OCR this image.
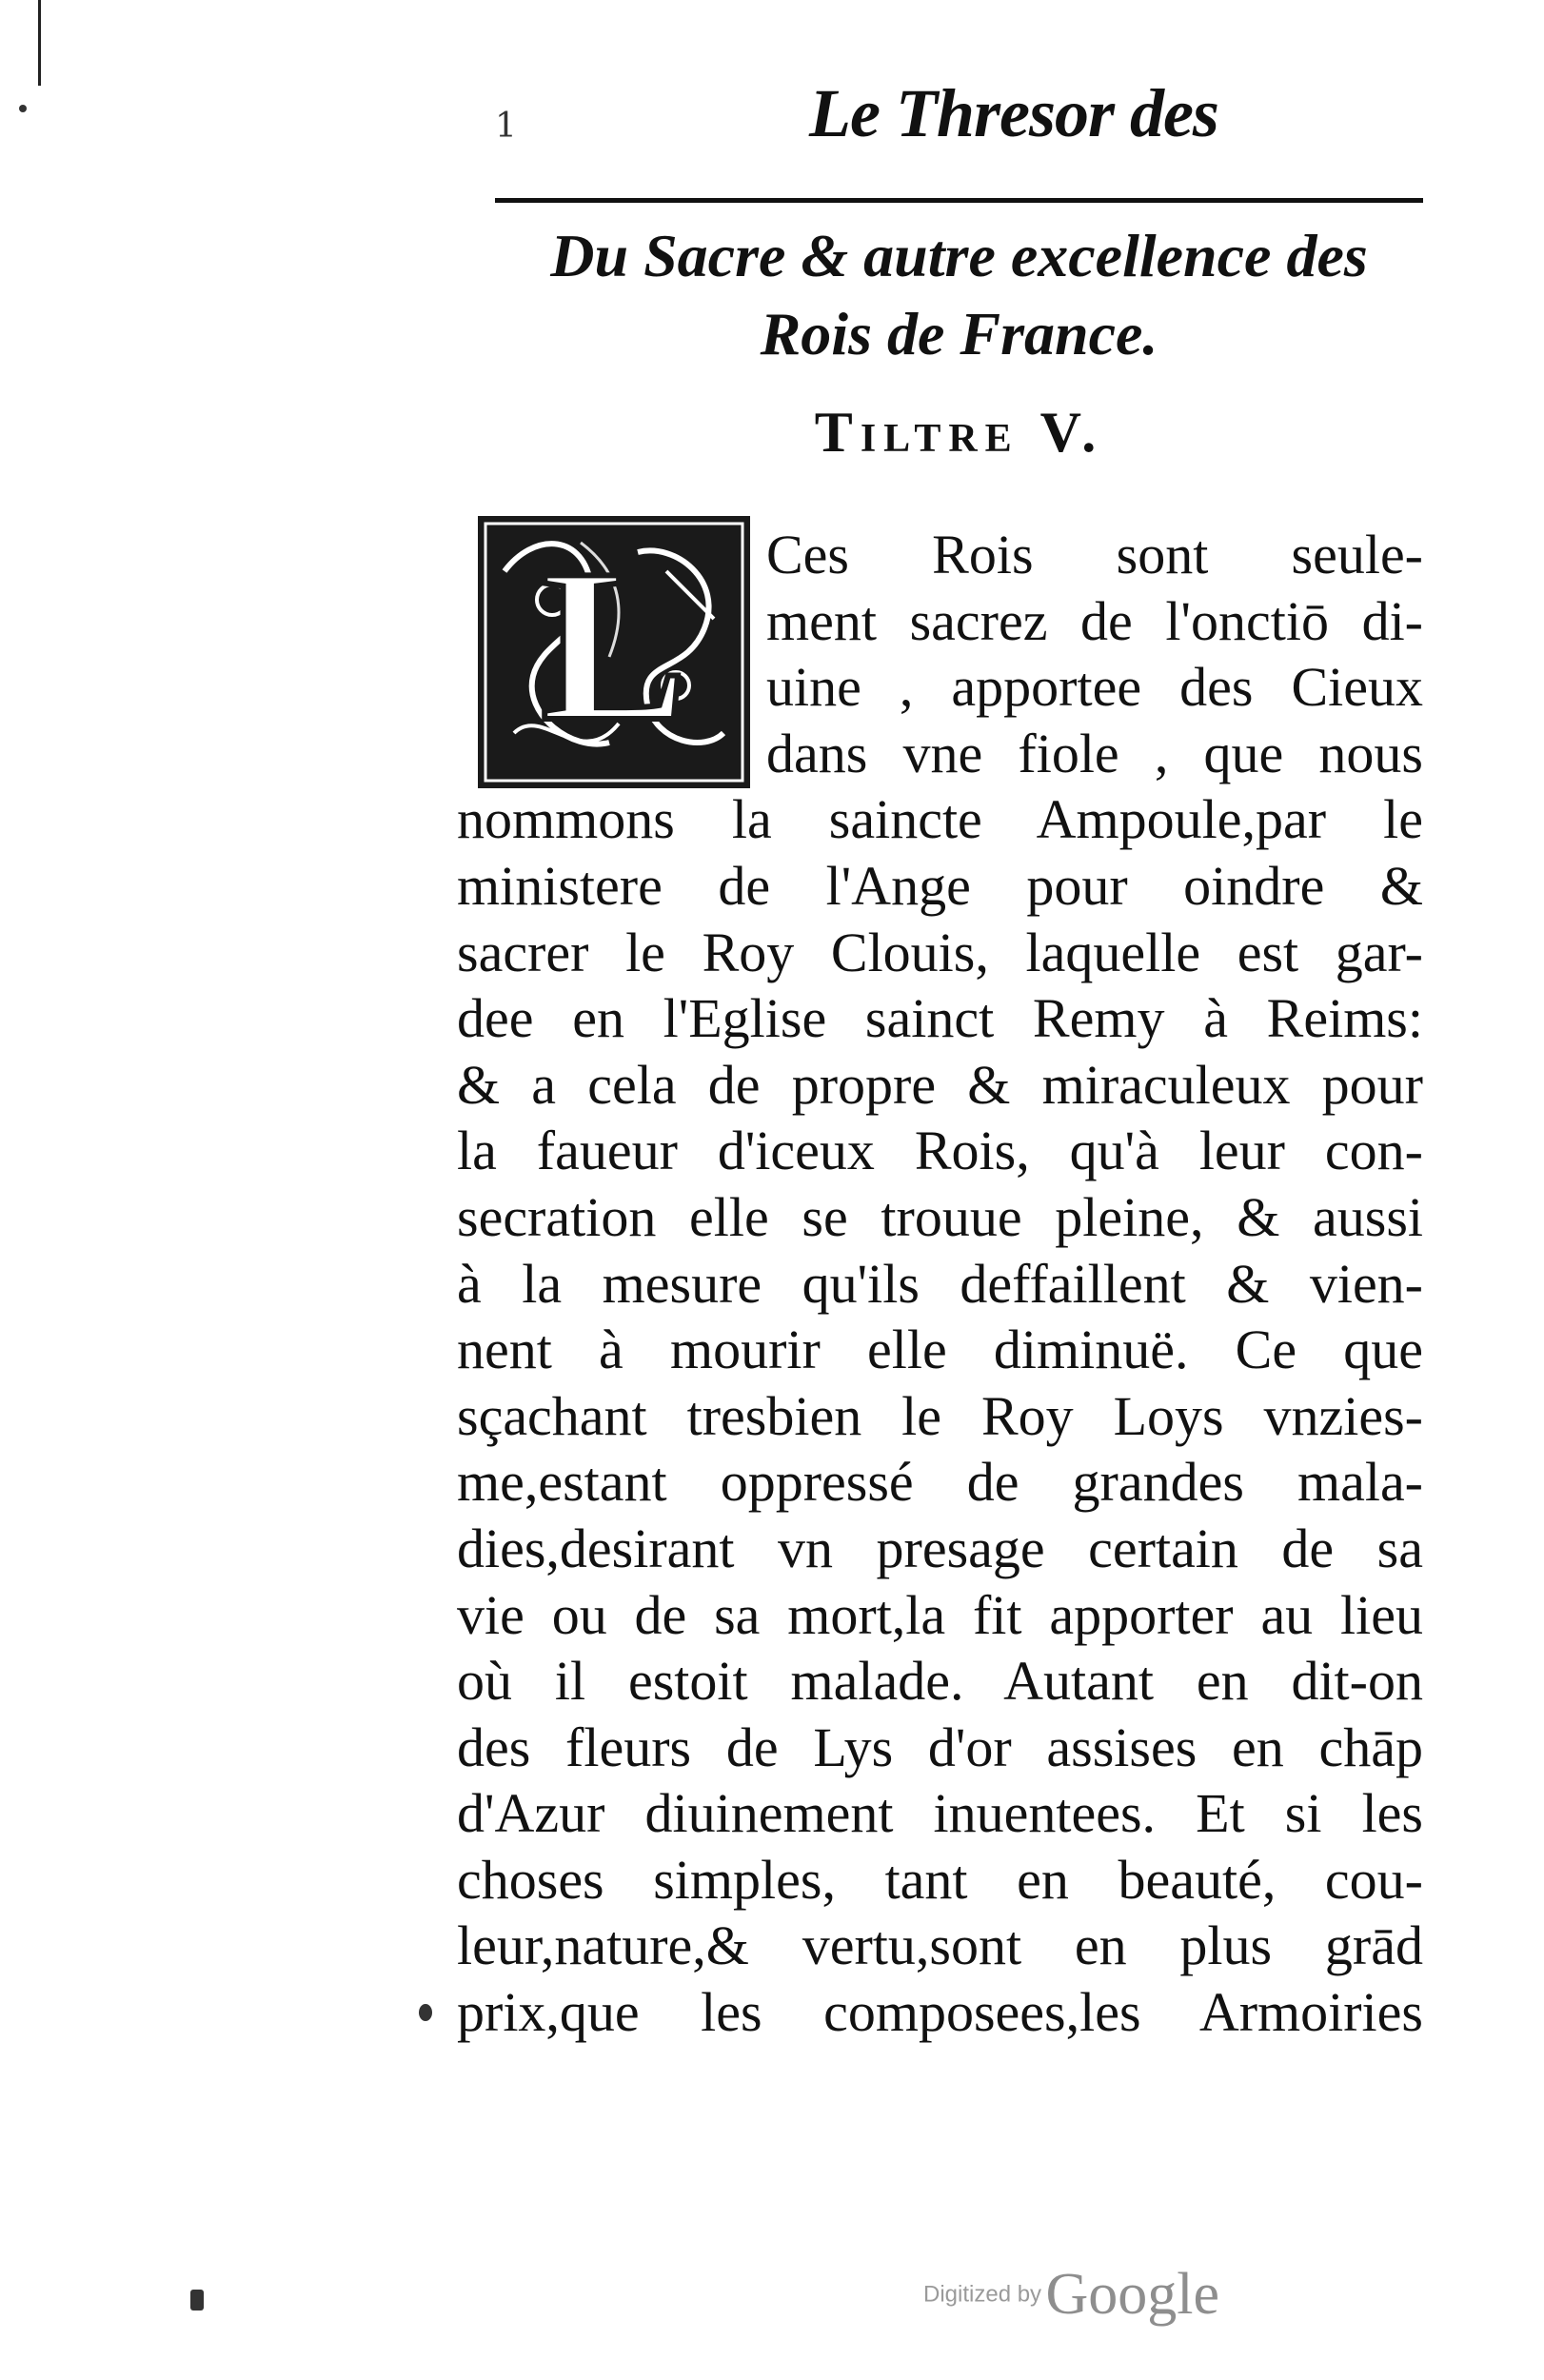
1	Le Thresor des
Du Sacre & autre excellence des
Rois de France.
Tiltre V.
L Ces Rois sont seule-
ment sacrez de l'onctiō di-
uine , apportee des Cieux
dans vne fiole , que nous
nommons la saincte Ampoule,par le
ministere de l'Ange pour oindre &
sacrer le Roy Clouis, laquelle est gar-
dee en l'Eglise sainct Remy à Reims:
& a cela de propre & miraculeux pour
la faueur d'iceux Rois, qu'à leur con-
secration elle se trouue pleine, & aussi
à la mesure qu'ils deffaillent & vien-
nent à mourir elle diminuë. Ce que
sçachant tresbien le Roy Loys vnzies-
me,estant oppressé de grandes mala-
dies,desirant vn presage certain de sa
vie ou de sa mort,la fit apporter au lieu
où il estoit malade. Autant en dit-on
des fleurs de Lys d'or assises en chāp
d'Azur diuinement inuentees. Et si les
choses simples, tant en beauté, cou-
leur,nature,& vertu,sont en plus grād
prix,que les composees,les Armoiries
Digitized by Google
